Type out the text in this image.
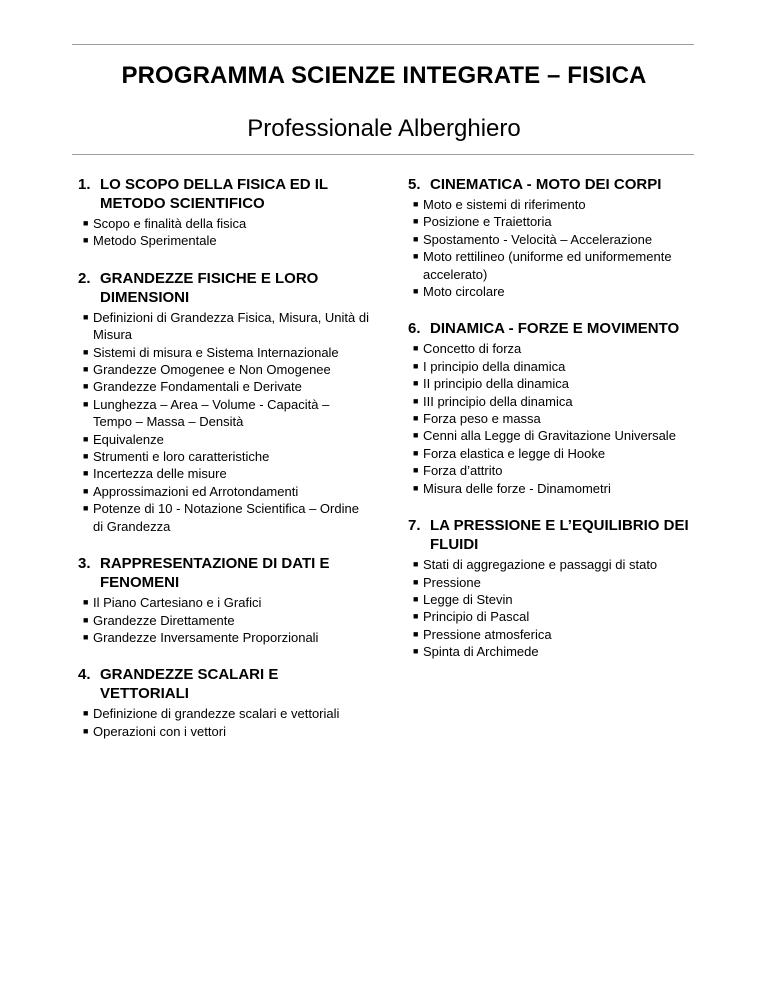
PROGRAMMA SCIENZE INTEGRATE – FISICA
Professionale Alberghiero
1. LO SCOPO DELLA FISICA ED IL METODO SCIENTIFICO
■ Scopo e finalità della fisica
■ Metodo Sperimentale
2. GRANDEZZE FISICHE E LORO DIMENSIONI
■ Definizioni di Grandezza Fisica, Misura, Unità di Misura
■ Sistemi di misura e Sistema Internazionale
■ Grandezze Omogenee e Non Omogenee
■ Grandezze Fondamentali e Derivate
■ Lunghezza – Area – Volume - Capacità – Tempo – Massa – Densità
■ Equivalenze
■ Strumenti e loro caratteristiche
■ Incertezza delle misure
■ Approssimazioni ed Arrotondamenti
■ Potenze di 10 - Notazione Scientifica – Ordine di Grandezza
3. RAPPRESENTAZIONE DI DATI E FENOMENI
■ Il Piano Cartesiano e i Grafici
■ Grandezze Direttamente
■ Grandezze Inversamente Proporzionali
4. GRANDEZZE SCALARI E VETTORIALI
■ Definizione di grandezze scalari e vettoriali
■ Operazioni con i vettori
5. CINEMATICA - MOTO DEI CORPI
■ Moto e sistemi di riferimento
■ Posizione e Traiettoria
■ Spostamento - Velocità – Accelerazione
■ Moto rettilineo (uniforme ed uniformemente accelerato)
■ Moto circolare
6. DINAMICA - FORZE E MOVIMENTO
■ Concetto di forza
■ I principio della dinamica
■ II principio della dinamica
■ III principio della dinamica
■ Forza peso e massa
■ Cenni alla Legge di Gravitazione Universale
■ Forza elastica e legge di Hooke
■ Forza d’attrito
■ Misura delle forze - Dinamometri
7. LA PRESSIONE E L’EQUILIBRIO DEI FLUIDI
■ Stati di aggregazione e passaggi di stato
■ Pressione
■ Legge di Stevin
■ Principio di Pascal
■ Pressione atmosferica
■ Spinta di Archimede
